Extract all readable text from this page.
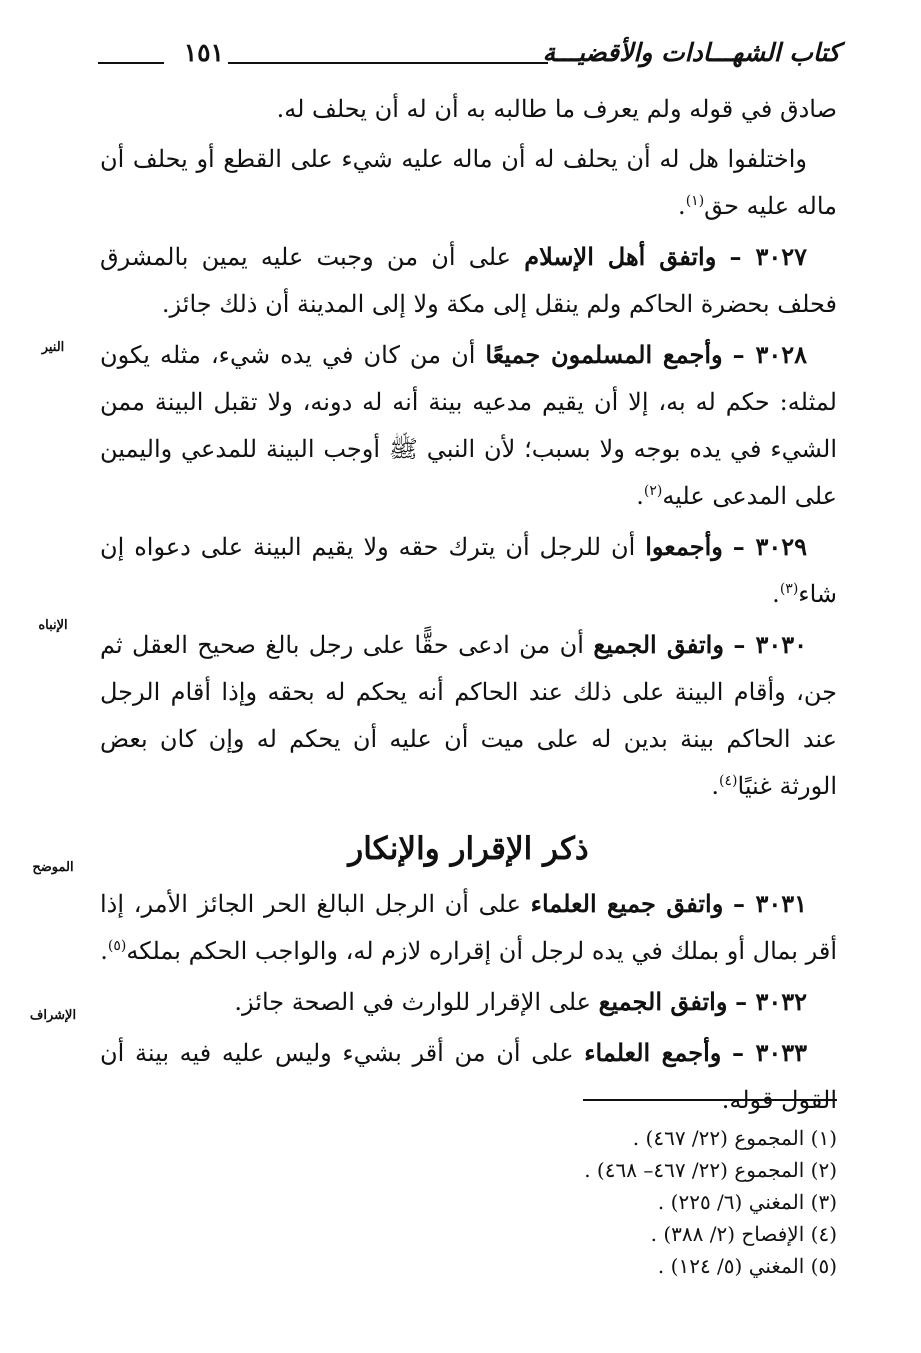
كتاب الشهـــادات والأقضيـــة
١٥١

صادق في قوله ولم يعرف ما طالبه به أن له أن يحلف له.

واختلفوا هل له أن يحلف له أن ماله عليه شيء على القطع أو يحلف أن ماله عليه حق$^{(١)}$.

٣٠٢٧ – واتفق أهل الإسلام على أن من وجبت عليه يمين بالمشرق فحلف بحضرة الحاكم ولم ينقل إلى مكة ولا إلى المدينة أن ذلك جائز.

٣٠٢٨ – وأجمع المسلمون جميعًا أن من كان في يده شيء، مثله يكون لمثله: حكم له به، إلا أن يقيم مدعيه بينة أنه له دونه، ولا تقبل البينة ممن الشيء في يده بوجه ولا بسبب؛ لأن النبي ﷺ أوجب البينة للمدعي واليمين على المدعى عليه$^{(٢)}$.

٣٠٢٩ – وأجمعوا أن للرجل أن يترك حقه ولا يقيم البينة على دعواه إن شاء$^{(٣)}$.

٣٠٣٠ – واتفق الجميع أن من ادعى حقًّا على رجل بالغ صحيح العقل ثم جن، وأقام البينة على ذلك عند الحاكم أنه يحكم له بحقه وإذا أقام الرجل عند الحاكم بينة بدين له على ميت أن عليه أن يحكم له وإن كان بعض الورثة غنيًا$^{(٤)}$.

ذكر الإقرار والإنكار

٣٠٣١ – واتفق جميع العلماء على أن الرجل البالغ الحر الجائز الأمر، إذا أقر بمال أو بملك في يده لرجل أن إقراره لازم له، والواجب الحكم بملكه$^{(٥)}$.

٣٠٣٢ – واتفق الجميع على الإقرار للوارث في الصحة جائز.

٣٠٣٣ – وأجمع العلماء على أن من أقر بشيء وليس عليه فيه بينة أن القول قوله.

النير
الإنباه
الموضح
الإشراف
(١) المجموع (٢٢/ ٤٦٧) .
(٢) المجموع (٢٢/ ٤٦٧– ٤٦٨) .
(٣) المغني (٦/ ٢٢٥) .
(٤) الإفصاح (٢/ ٣٨٨) .
(٥) المغني (٥/ ١٢٤) .
